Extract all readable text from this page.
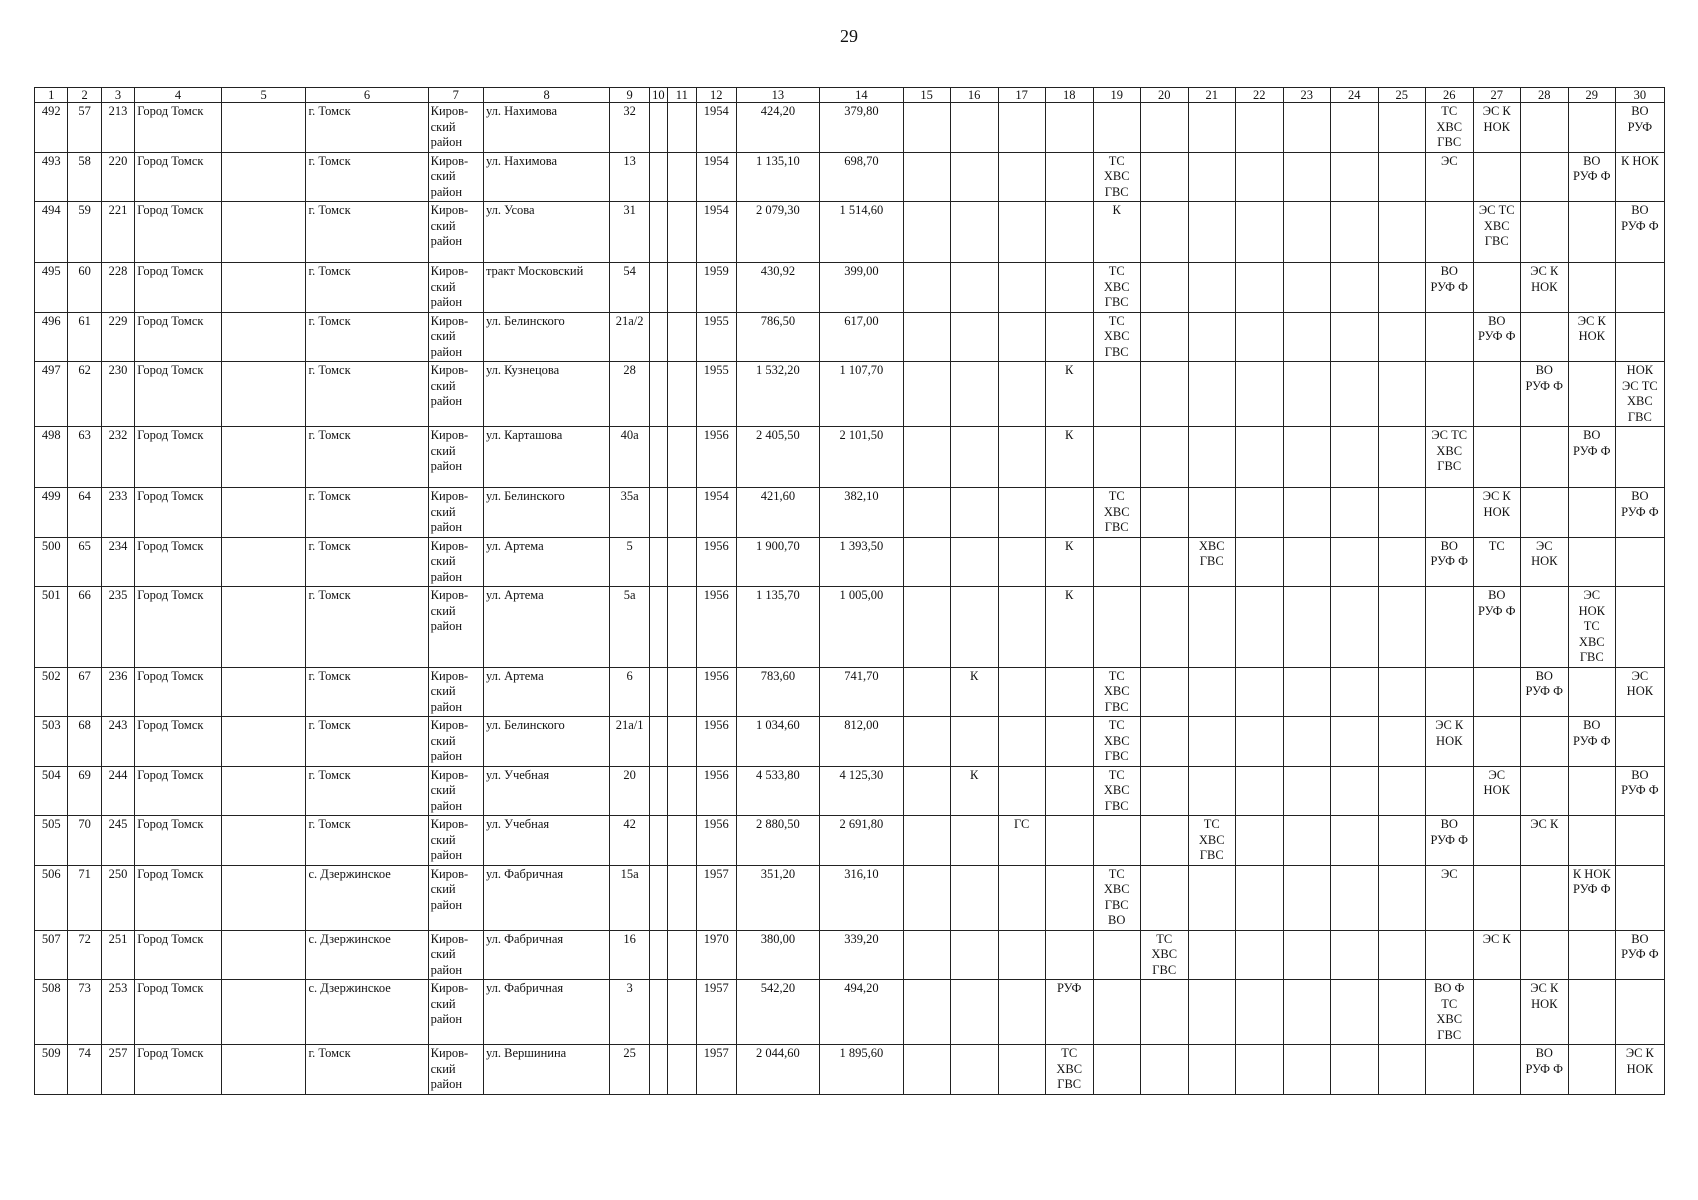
29
1	2	3	4	5	6	7	8	9	10	11	12	13	14	15	16	17	18	19	20	21	22	23	24	25	26	27	28	29	30
492	57	213	Город Томск		г. Томск	Киров-
ский
район	ул. Нахимова	32			1954	424,20	379,80												ТС
ХВС
ГВС	ЭС К
НОК			ВО
РУФ
493	58	220	Город Томск		г. Томск	Киров-
ский
район	ул. Нахимова	13			1954	1 135,10	698,70					ТС
ХВС
ГВС							ЭС			ВО
РУФ Ф	К НОК
494	59	221	Город Томск		г. Томск	Киров-
ский
район	ул. Усова	31			1954	2 079,30	1 514,60					К								ЭС ТС
ХВС
ГВС			ВО
РУФ Ф
495	60	228	Город Томск		г. Томск	Киров-
ский
район	тракт Московский	54			1959	430,92	399,00					ТС
ХВС
ГВС							ВО
РУФ Ф		ЭС К
НОК		
496	61	229	Город Томск		г. Томск	Киров-
ский
район	ул. Белинского	21а/2			1955	786,50	617,00					ТС
ХВС
ГВС								ВО
РУФ Ф		ЭС К
НОК	
497	62	230	Город Томск		г. Томск	Киров-
ский
район	ул. Кузнецова	28			1955	1 532,20	1 107,70				К										ВО
РУФ Ф		НОК
ЭС ТС
ХВС
ГВС
498	63	232	Город Томск		г. Томск	Киров-
ский
район	ул. Карташова	40а			1956	2 405,50	2 101,50				К								ЭС ТС
ХВС
ГВС			ВО
РУФ Ф	
499	64	233	Город Томск		г. Томск	Киров-
ский
район	ул. Белинского	35а			1954	421,60	382,10					ТС
ХВС
ГВС								ЭС К
НОК			ВО
РУФ Ф
500	65	234	Город Томск		г. Томск	Киров-
ский
район	ул. Артема	5			1956	1 900,70	1 393,50				К			ХВС
ГВС					ВО
РУФ Ф	ТС	ЭС
НОК		
501	66	235	Город Томск		г. Томск	Киров-
ский
район	ул. Артема	5а			1956	1 135,70	1 005,00				К									ВО
РУФ Ф		ЭС
НОК
ТС
ХВС
ГВС	
502	67	236	Город Томск		г. Томск	Киров-
ский
район	ул. Артема	6			1956	783,60	741,70		К			ТС
ХВС
ГВС									ВО
РУФ Ф		ЭС
НОК
503	68	243	Город Томск		г. Томск	Киров-
ский
район	ул. Белинского	21а/1			1956	1 034,60	812,00					ТС
ХВС
ГВС							ЭС К
НОК			ВО
РУФ Ф	
504	69	244	Город Томск		г. Томск	Киров-
ский
район	ул. Учебная	20			1956	4 533,80	4 125,30		К			ТС
ХВС
ГВС								ЭС
НОК			ВО
РУФ Ф
505	70	245	Город Томск		г. Томск	Киров-
ский
район	ул. Учебная	42			1956	2 880,50	2 691,80			ГС				ТС
ХВС
ГВС					ВО
РУФ Ф		ЭС К		
506	71	250	Город Томск		с. Дзержинское	Киров-
ский
район	ул. Фабричная	15а			1957	351,20	316,10					ТС
ХВС
ГВС
ВО							ЭС			К НОК
РУФ Ф	
507	72	251	Город Томск		с. Дзержинское	Киров-
ский
район	ул. Фабричная	16			1970	380,00	339,20						ТС
ХВС
ГВС							ЭС К			ВО
РУФ Ф
508	73	253	Город Томск		с. Дзержинское	Киров-
ский
район	ул. Фабричная	3			1957	542,20	494,20				РУФ								ВО Ф
ТС
ХВС
ГВС		ЭС К
НОК		
509	74	257	Город Томск		г. Томск	Киров-
ский
район	ул. Вершинина	25			1957	2 044,60	1 895,60				ТС
ХВС
ГВС										ВО
РУФ Ф		ЭС К
НОК
